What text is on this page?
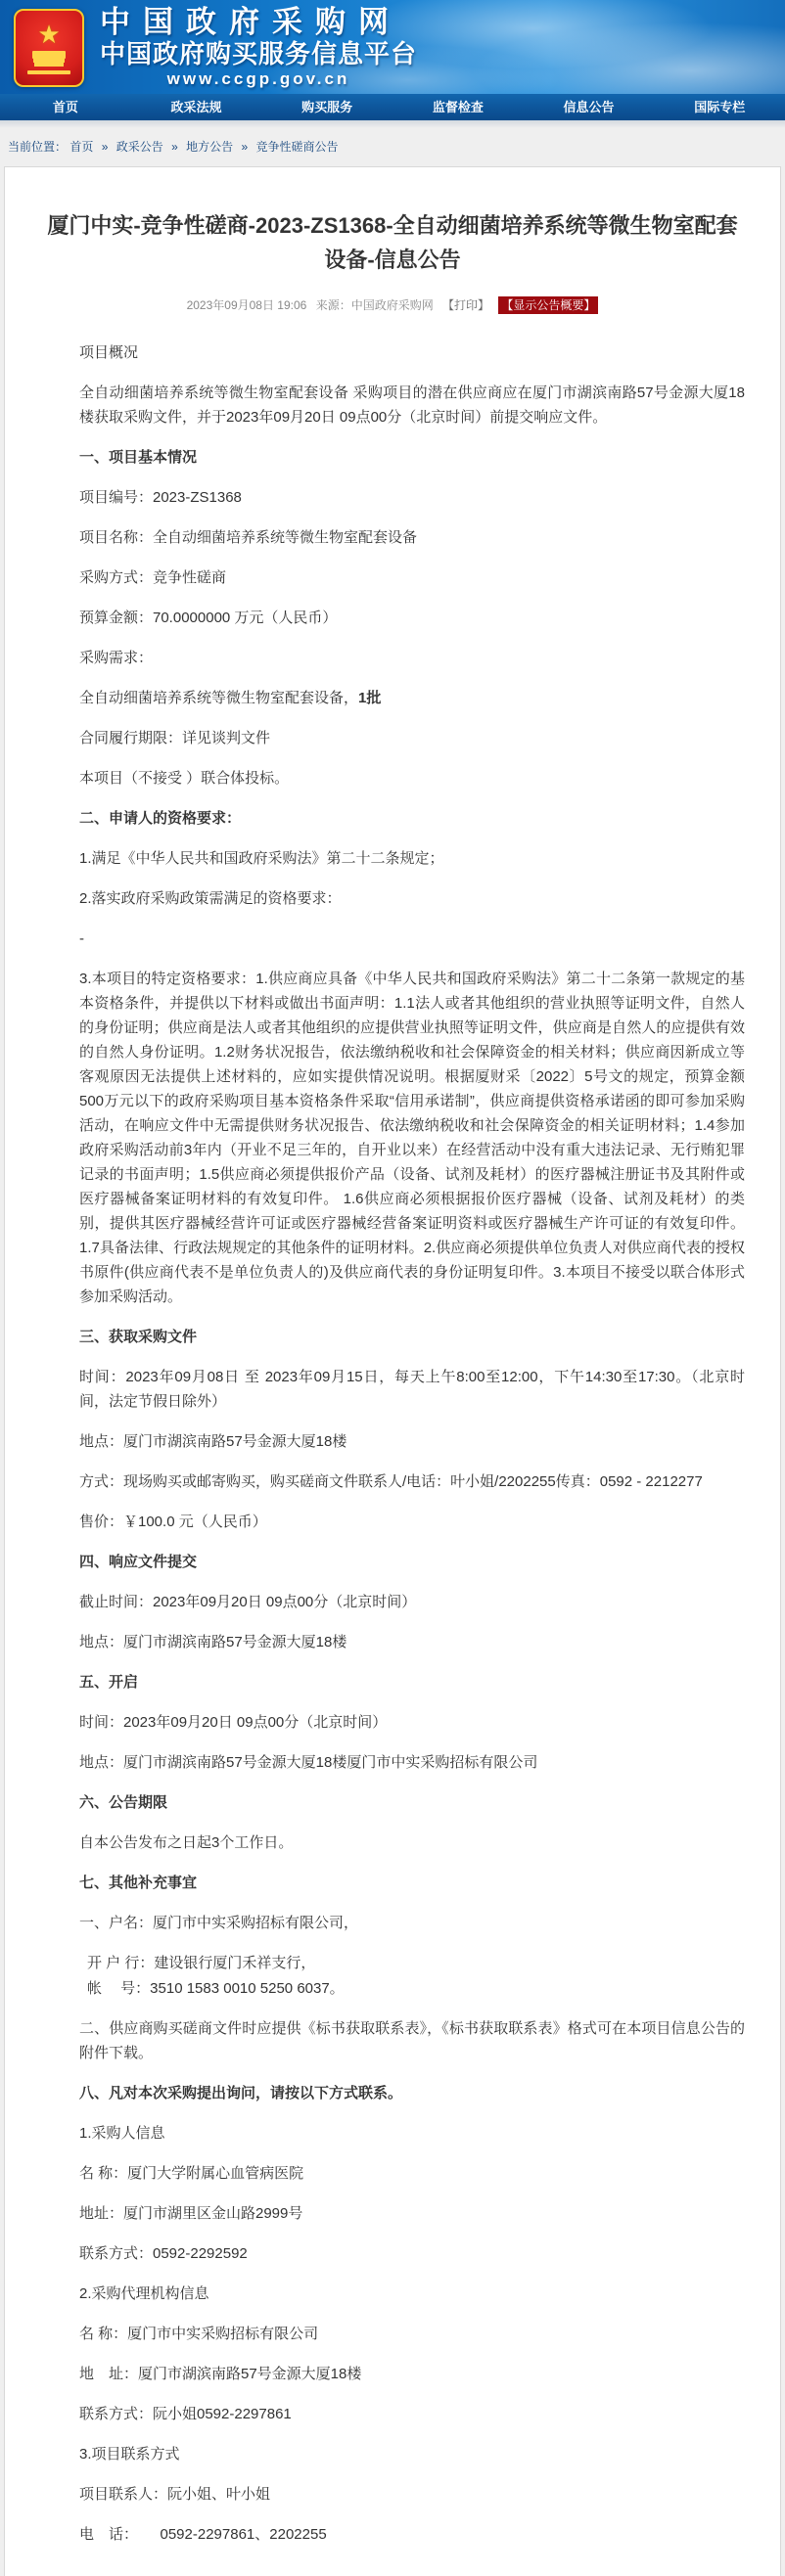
★ 中国政府采购网
中国政府购买服务信息平台
www.ccgp.gov.cn
首页	政采法规	购买服务	监督检查	信息公告	国际专栏
当前位置： 首页 » 政采公告 » 地方公告 » 竞争性磋商公告
厦门中实-竞争性磋商-2023-ZS1368-全自动细菌培养系统等微生物室配套设备-信息公告
2023年09月08日 19:06 来源：中国政府采购网 【打印】 【显示公告概要】

项目概况

全自动细菌培养系统等微生物室配套设备 采购项目的潜在供应商应在厦门市湖滨南路57号金源大厦18楼获取采购文件，并于2023年09月20日 09点00分（北京时间）前提交响应文件。

一、项目基本情况

项目编号：2023-ZS1368

项目名称：全自动细菌培养系统等微生物室配套设备

采购方式：竞争性磋商

预算金额：70.0000000 万元（人民币）

采购需求：

全自动细菌培养系统等微生物室配套设备，1批

合同履行期限：详见谈判文件

本项目（不接受 ）联合体投标。

二、申请人的资格要求：

1.满足《中华人民共和国政府采购法》第二十二条规定；

2.落实政府采购政策需满足的资格要求：

-

3.本项目的特定资格要求：1.供应商应具备《中华人民共和国政府采购法》第二十二条第一款规定的基本资格条件，并提供以下材料或做出书面声明：1.1法人或者其他组织的营业执照等证明文件，自然人的身份证明；供应商是法人或者其他组织的应提供营业执照等证明文件，供应商是自然人的应提供有效的自然人身份证明。1.2财务状况报告，依法缴纳税收和社会保障资金的相关材料；供应商因新成立等客观原因无法提供上述材料的，应如实提供情况说明。根据厦财采〔2022〕5号文的规定，预算金额500万元以下的政府采购项目基本资格条件采取“信用承诺制”，供应商提供资格承诺函的即可参加采购活动，在响应文件中无需提供财务状况报告、依法缴纳税收和社会保障资金的相关证明材料；1.4参加政府采购活动前3年内（开业不足三年的，自开业以来）在经营活动中没有重大违法记录、无行贿犯罪记录的书面声明；1.5供应商必须提供报价产品（设备、试剂及耗材）的医疗器械注册证书及其附件或医疗器械备案证明材料的有效复印件。 1.6供应商必须根据报价医疗器械（设备、试剂及耗材）的类别，提供其医疗器械经营许可证或医疗器械经营备案证明资料或医疗器械生产许可证的有效复印件。1.7具备法律、行政法规规定的其他条件的证明材料。2.供应商必须提供单位负责人对供应商代表的授权书原件(供应商代表不是单位负责人的)及供应商代表的身份证明复印件。3.本项目不接受以联合体形式参加采购活动。

三、获取采购文件

时间：2023年09月08日 至 2023年09月15日，每天上午8:00至12:00，下午14:30至17:30。（北京时间，法定节假日除外）

地点：厦门市湖滨南路57号金源大厦18楼

方式：现场购买或邮寄购买，购买磋商文件联系人/电话：叶小姐/2202255传真：0592 - 2212277

售价：￥100.0 元（人民币）

四、响应文件提交

截止时间：2023年09月20日 09点00分（北京时间）

地点：厦门市湖滨南路57号金源大厦18楼

五、开启

时间：2023年09月20日 09点00分（北京时间）

地点：厦门市湖滨南路57号金源大厦18楼厦门市中实采购招标有限公司

六、公告期限

自本公告发布之日起3个工作日。

七、其他补充事宜

一、户名：厦门市中实采购招标有限公司，

开 户 行：建设银行厦门禾祥支行，

帐　 号：3510 1583 0010 5250 6037。

二、供应商购买磋商文件时应提供《标书获取联系表》，《标书获取联系表》格式可在本项目信息公告的附件下载。

八、凡对本次采购提出询问，请按以下方式联系。

1.采购人信息

名 称：厦门大学附属心血管病医院

地址：厦门市湖里区金山路2999号

联系方式：0592-2292592

2.采购代理机构信息

名 称：厦门市中实采购招标有限公司

地　址：厦门市湖滨南路57号金源大厦18楼

联系方式：阮小姐0592-2297861

3.项目联系方式

项目联系人：阮小姐、叶小姐

电　话：　　0592-2297861、2202255
